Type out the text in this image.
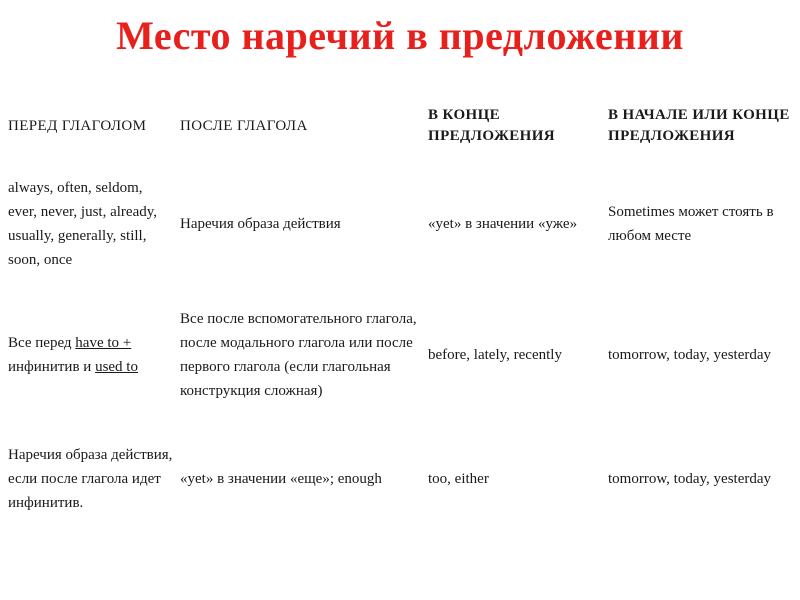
Место наречий в предложении
ПЕРЕД ГЛАГОЛОМ	ПОСЛЕ ГЛАГОЛА	В КОНЦЕ ПРЕДЛОЖЕНИЯ	В НАЧАЛЕ ИЛИ КОНЦЕ ПРЕДЛОЖЕНИЯ
always, often, seldom, ever, never, just, already, usually, generally, still, soon, once	Наречия образа действия	«yet» в значении «уже»	Sometimes может стоять в любом месте
Все перед have to + инфинитив и used to	Все после вспомогательного глагола, после модального глагола или после первого глагола (если глагольная конструкция сложная)	before, lately, recently	tomorrow, today, yesterday
Наречия образа действия, если после глагола идет инфинитив.	«yet» в значении «еще»; enough	too, either	tomorrow, today, yesterday
